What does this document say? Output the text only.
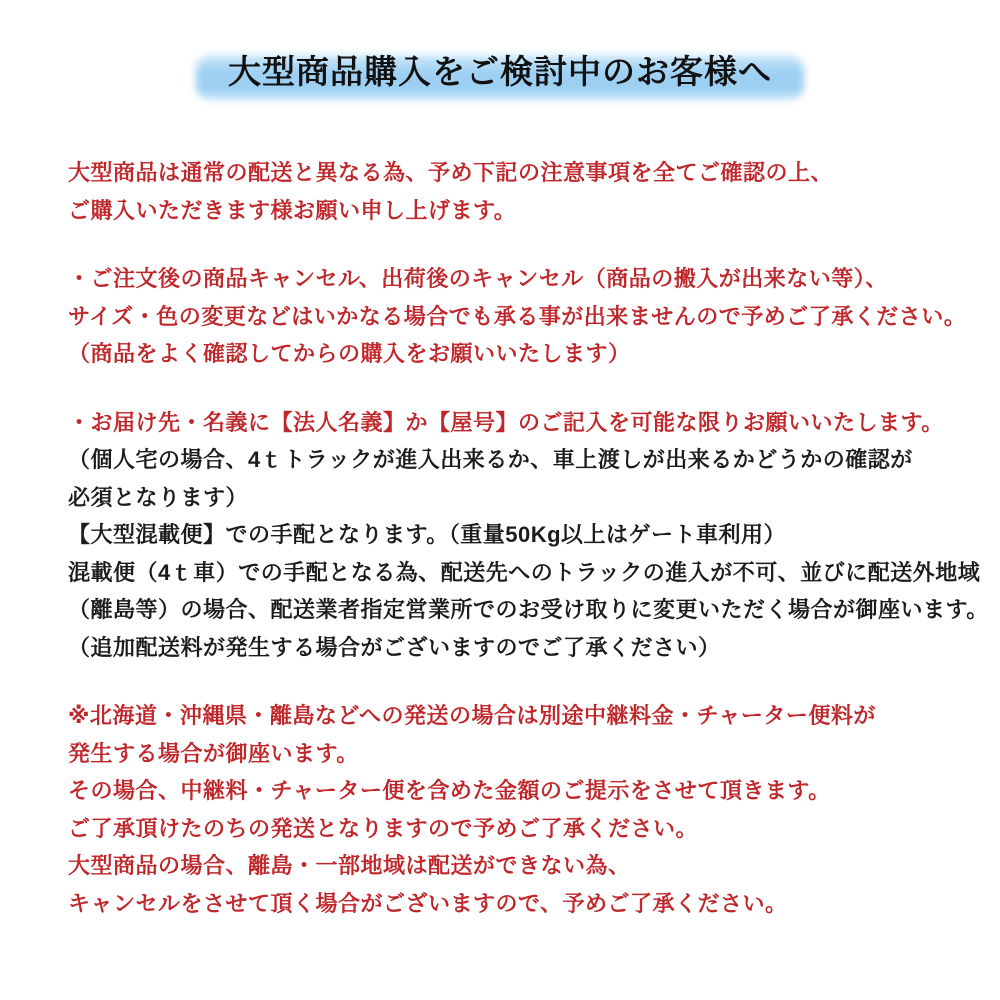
大型商品購入をご検討中のお客様へ
大型商品は通常の配送と異なる為、予め下記の注意事項を全てご確認の上、
ご購入いただきます様お願い申し上げます。
・ご注文後の商品キャンセル、出荷後のキャンセル（商品の搬入が出来ない等）、
サイズ・色の変更などはいかなる場合でも承る事が出来ませんので予めご了承ください。
（商品をよく確認してからの購入をお願いいたします）
・お届け先・名義に【法人名義】か【屋号】のご記入を可能な限りお願いいたします。
（個人宅の場合、4ｔトラックが進入出来るか、車上渡しが出来るかどうかの確認が
必須となります）
【大型混載便】での手配となります。（重量50Kg以上はゲート車利用）
混載便（4ｔ車）での手配となる為、配送先へのトラックの進入が不可、並びに配送外地域
（離島等）の場合、配送業者指定営業所でのお受け取りに変更いただく場合が御座います。
（追加配送料が発生する場合がございますのでご了承ください）
※北海道・沖縄県・離島などへの発送の場合は別途中継料金・チャーター便料が
発生する場合が御座います。
その場合、中継料・チャーター便を含めた金額のご提示をさせて頂きます。
ご了承頂けたのちの発送となりますので予めご了承ください。
大型商品の場合、離島・一部地域は配送ができない為、
キャンセルをさせて頂く場合がございますので、予めご了承ください。
